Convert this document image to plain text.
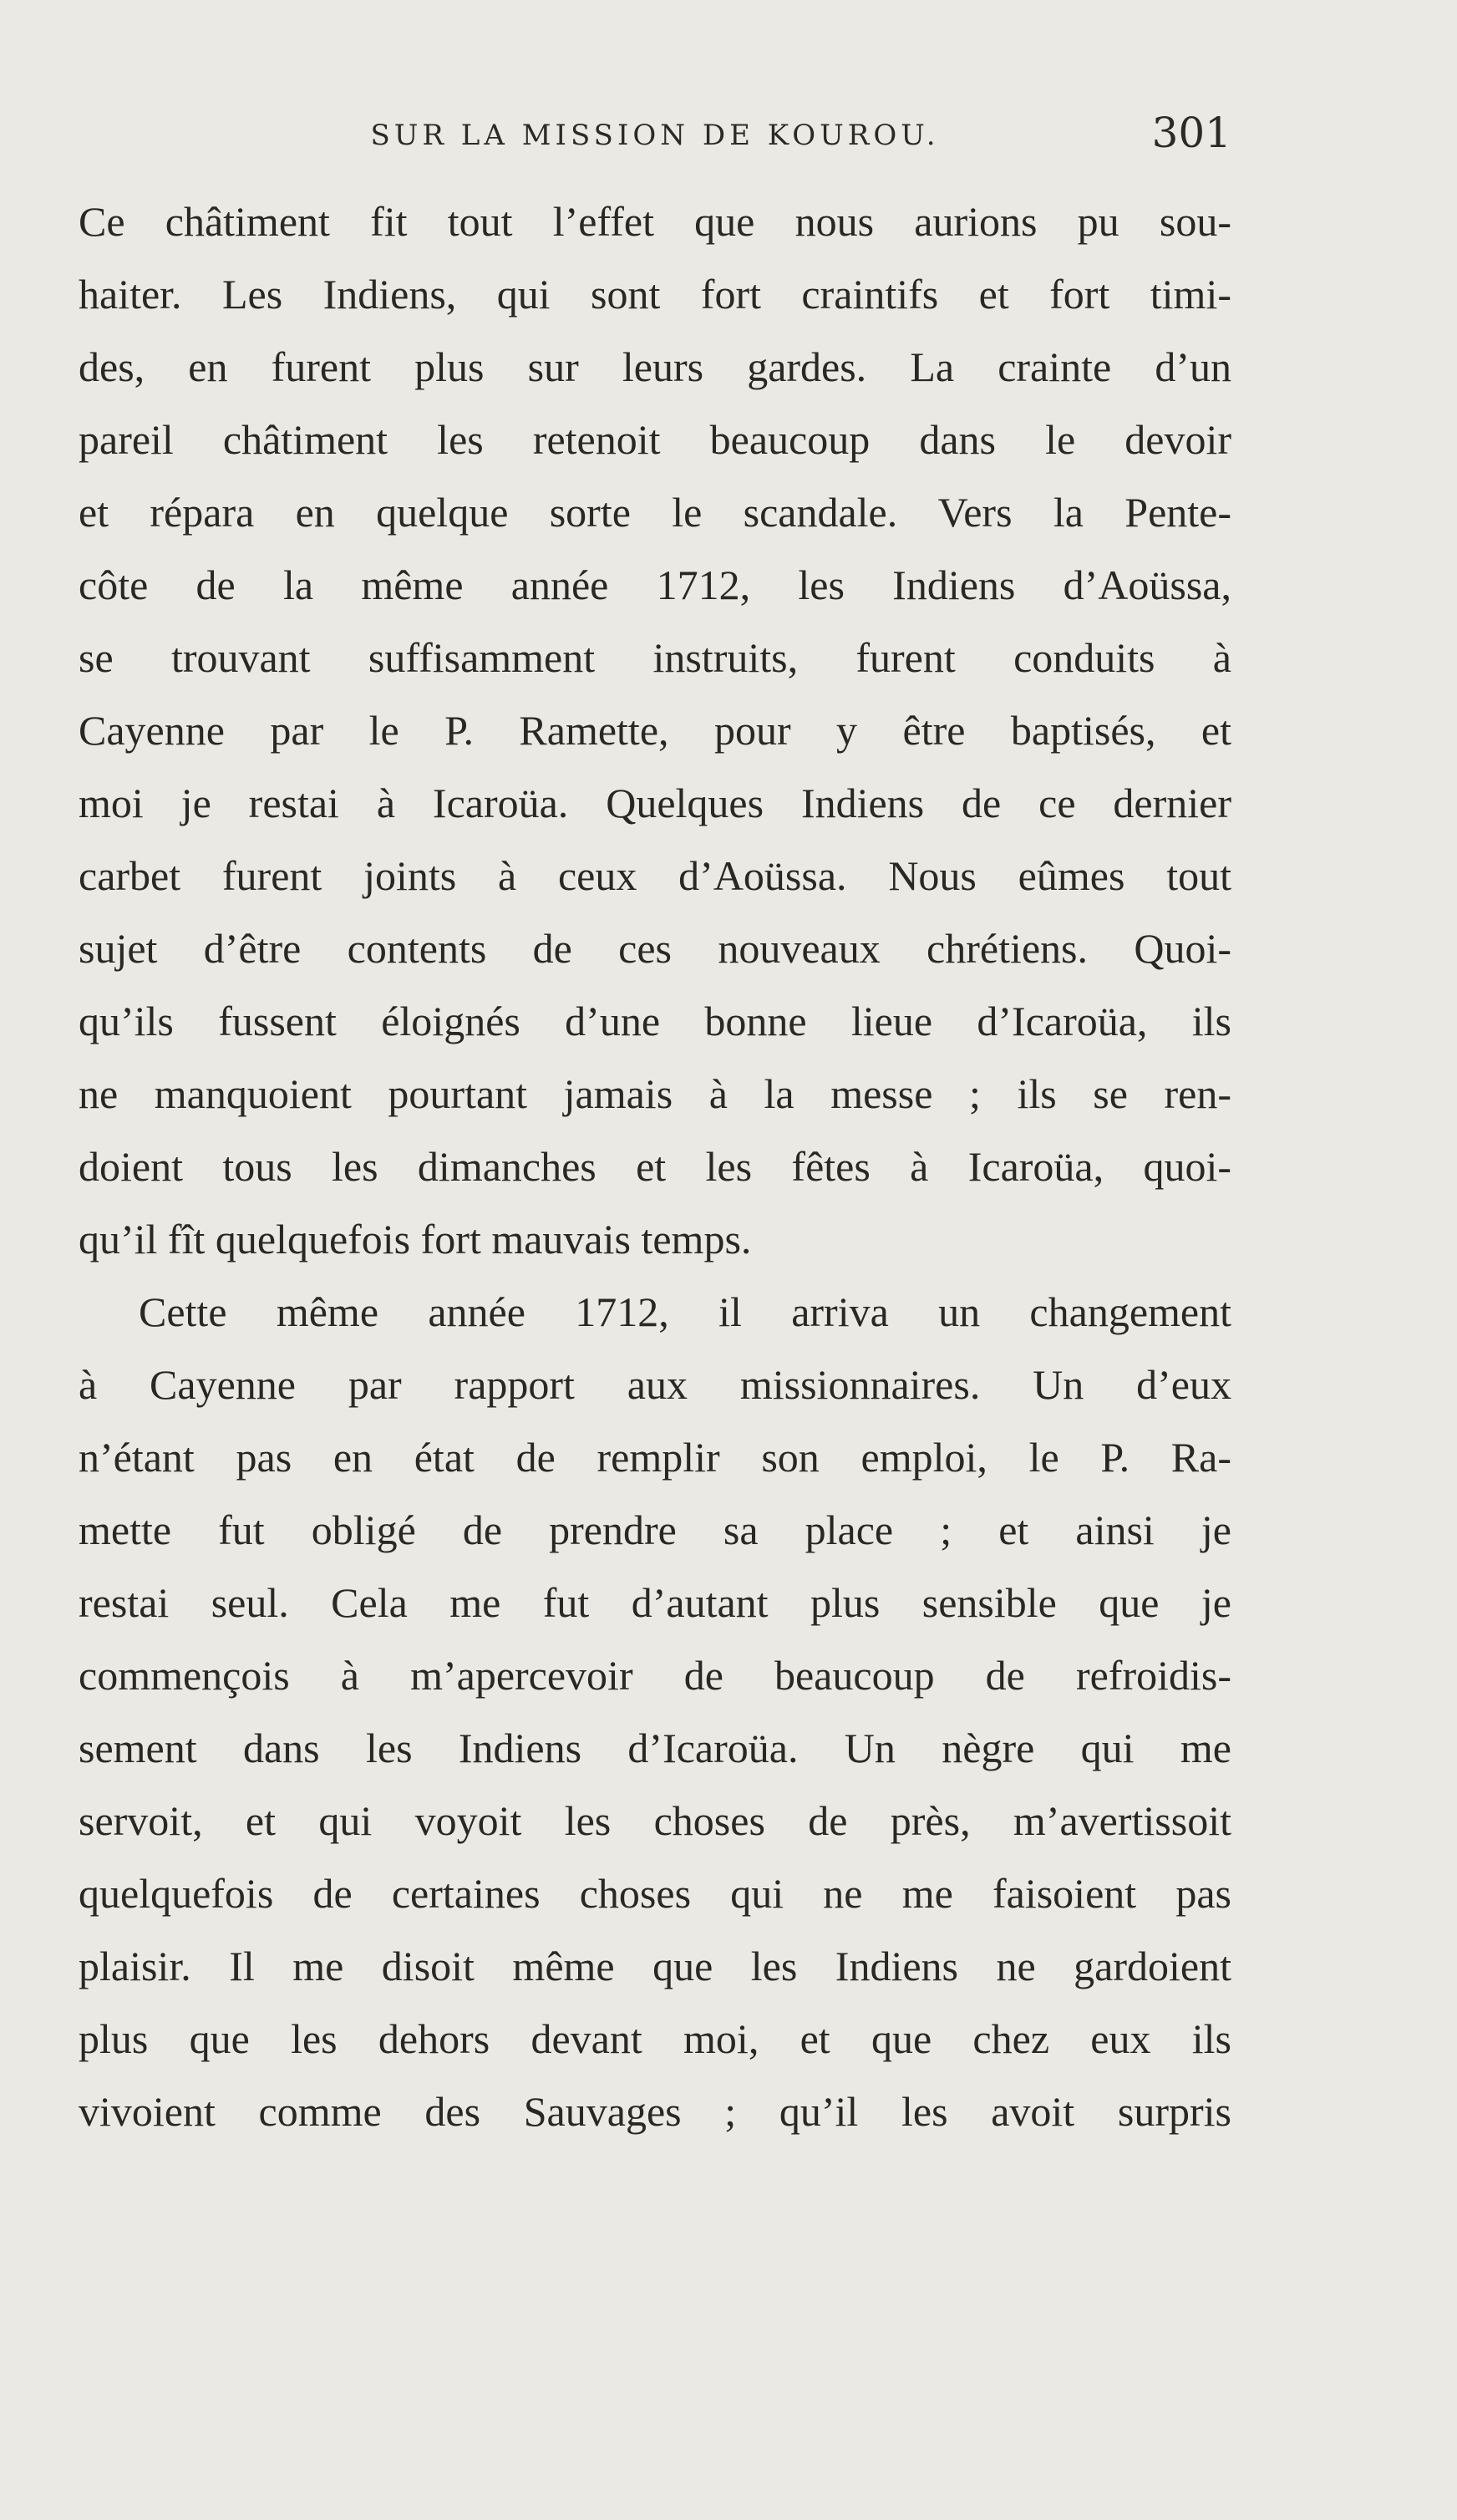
SUR LA MISSION DE KOUROU.	301
Ce châtiment fit tout l’effet que nous aurions pu sou-
haiter. Les Indiens, qui sont fort craintifs et fort timi-
des, en furent plus sur leurs gardes. La crainte d’un
pareil châtiment les retenoit beaucoup dans le devoir
et répara en quelque sorte le scandale. Vers la Pente-
côte de la même année 1712, les Indiens d’Aoüssa,
se trouvant suffisamment instruits, furent conduits à
Cayenne par le P. Ramette, pour y être baptisés, et
moi je restai à Icaroüa. Quelques Indiens de ce dernier
carbet furent joints à ceux d’Aoüssa. Nous eûmes tout
sujet d’être contents de ces nouveaux chrétiens. Quoi-
qu’ils fussent éloignés d’une bonne lieue d’Icaroüa, ils
ne manquoient pourtant jamais à la messe ; ils se ren-
doient tous les dimanches et les fêtes à Icaroüa, quoi-
qu’il fît quelquefois fort mauvais temps.
Cette même année 1712, il arriva un changement
à Cayenne par rapport aux missionnaires. Un d’eux
n’étant pas en état de remplir son emploi, le P. Ra-
mette fut obligé de prendre sa place ; et ainsi je
restai seul. Cela me fut d’autant plus sensible que je
commençois à m’apercevoir de beaucoup de refroidis-
sement dans les Indiens d’Icaroüa. Un nègre qui me
servoit, et qui voyoit les choses de près, m’avertissoit
quelquefois de certaines choses qui ne me faisoient pas
plaisir. Il me disoit même que les Indiens ne gardoient
plus que les dehors devant moi, et que chez eux ils
vivoient comme des Sauvages ; qu’il les avoit surpris
